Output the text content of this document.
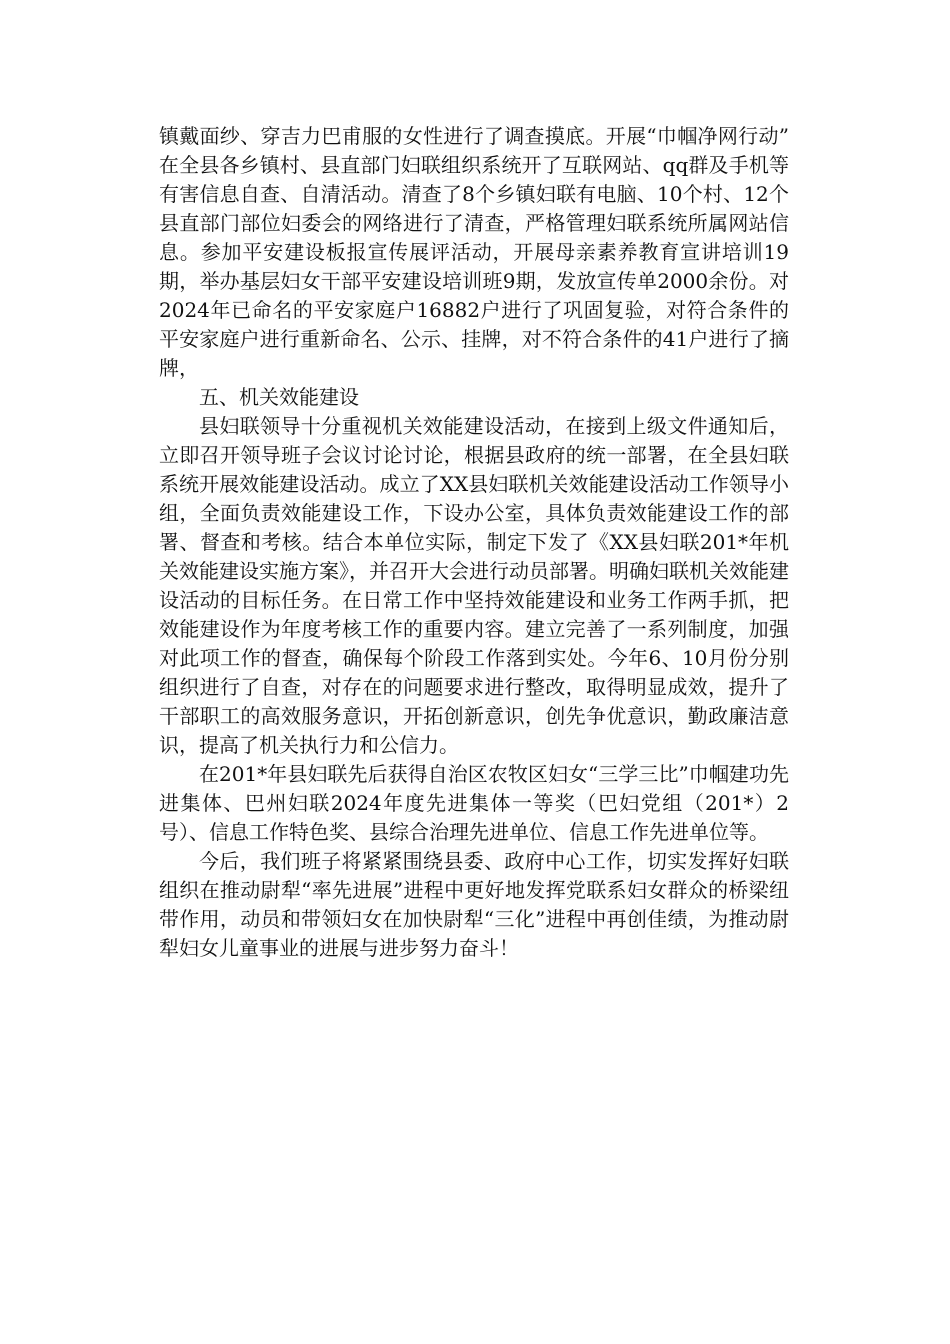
镇戴面纱、穿吉力巴甫服的女性进行了调查摸底。开展“巾帼净网行动” 在全县各乡镇村、县直部门妇联组织系统开了互联网站、qq群及手机等有害信息自查、自清活动。清查了8个乡镇妇联有电脑、10个村、12个县直部门部位妇委会的网络进行了清查，严格管理妇联系统所属网站信息。参加平安建设板报宣传展评活动，开展母亲素养教育宣讲培训19期，举办基层妇女干部平安建设培训班9期，发放宣传单2000余份。对2024年已命名的平安家庭户16882户进行了巩固复验，对符合条件的平安家庭户进行重新命名、公示、挂牌，对不符合条件的41户进行了摘牌，

五、机关效能建设

县妇联领导十分重视机关效能建设活动，在接到上级文件通知后，立即召开领导班子会议讨论讨论，根据县政府的统一部署，在全县妇联系统开展效能建设活动。成立了XX县妇联机关效能建设活动工作领导小组，全面负责效能建设工作，下设办公室，具体负责效能建设工作的部署、督查和考核。结合本单位实际，制定下发了《XX县妇联201*年机关效能建设实施方案》，并召开大会进行动员部署。明确妇联机关效能建设活动的目标任务。在日常工作中坚持效能建设和业务工作两手抓，把效能建设作为年度考核工作的重要内容。建立完善了一系列制度，加强对此项工作的督查，确保每个阶段工作落到实处。今年6、10月份分别组织进行了自查，对存在的问题要求进行整改，取得明显成效，提升了干部职工的高效服务意识，开拓创新意识，创先争优意识，勤政廉洁意识，提高了机关执行力和公信力。

在201*年县妇联先后获得自治区农牧区妇女“三学三比”巾帼建功先进集体、巴州妇联2024年度先进集体一等奖（巴妇党组（201*）2号）、信息工作特色奖、县综合治理先进单位、信息工作先进单位等。

今后，我们班子将紧紧围绕县委、政府中心工作，切实发挥好妇联组织在推动尉犁“率先进展”进程中更好地发挥党联系妇女群众的桥梁纽带作用，动员和带领妇女在加快尉犁“三化”进程中再创佳绩，为推动尉犁妇女儿童事业的进展与进步努力奋斗！
